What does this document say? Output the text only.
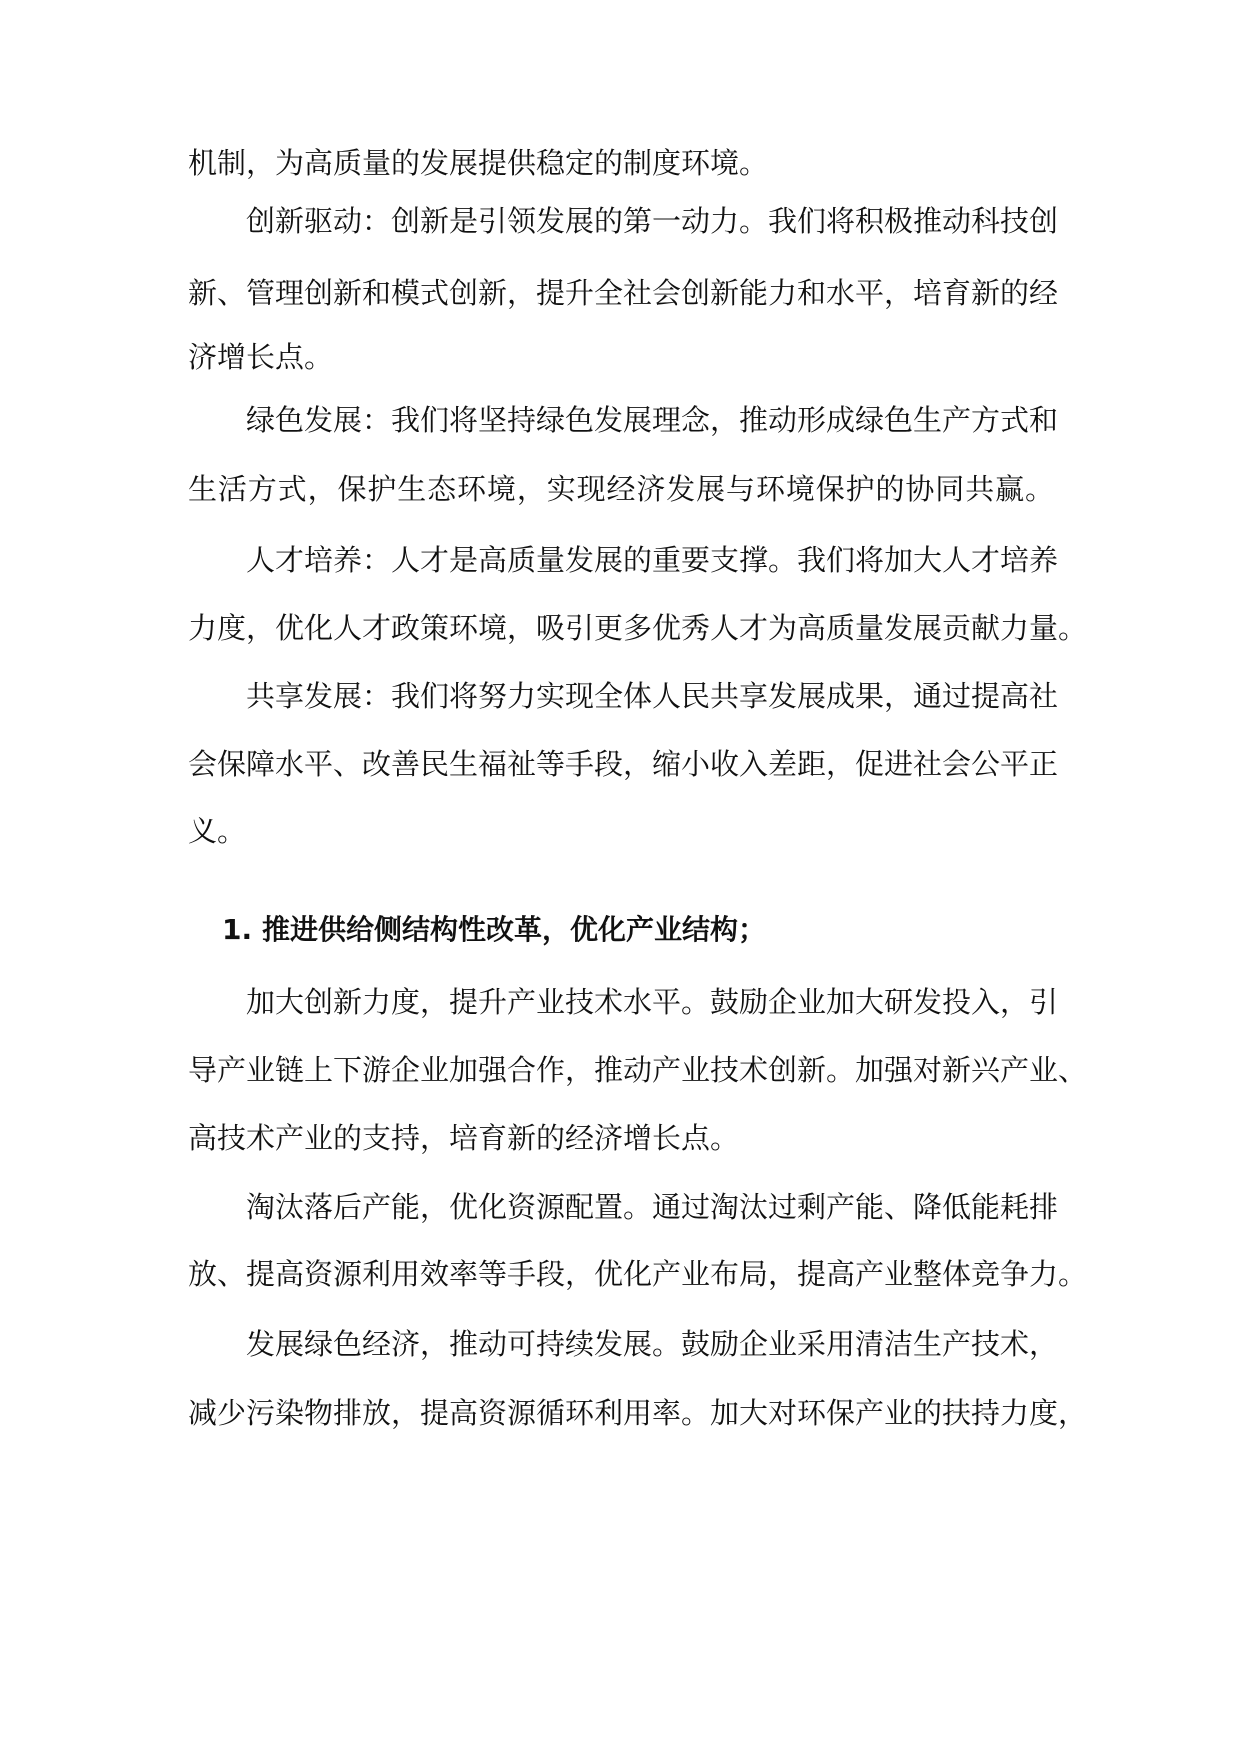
机制，为高质量的发展提供稳定的制度环境。
创新驱动：创新是引领发展的第一动力。我们将积极推动科技创
新、管理创新和模式创新，提升全社会创新能力和水平，培育新的经
济增长点。
绿色发展：我们将坚持绿色发展理念，推动形成绿色生产方式和
生活方式，保护生态环境，实现经济发展与环境保护的协同共赢。
人才培养：人才是高质量发展的重要支撑。我们将加大人才培养
力度，优化人才政策环境，吸引更多优秀人才为高质量发展贡献力量。
共享发展：我们将努力实现全体人民共享发展成果，通过提高社
会保障水平、改善民生福祉等手段，缩小收入差距，促进社会公平正
义。
1. 推进供给侧结构性改革，优化产业结构；
加大创新力度，提升产业技术水平。鼓励企业加大研发投入，引
导产业链上下游企业加强合作，推动产业技术创新。加强对新兴产业、
高技术产业的支持，培育新的经济增长点。
淘汰落后产能，优化资源配置。通过淘汰过剩产能、降低能耗排
放、提高资源利用效率等手段，优化产业布局，提高产业整体竞争力。
发展绿色经济，推动可持续发展。鼓励企业采用清洁生产技术，
减少污染物排放，提高资源循环利用率。加大对环保产业的扶持力度，
